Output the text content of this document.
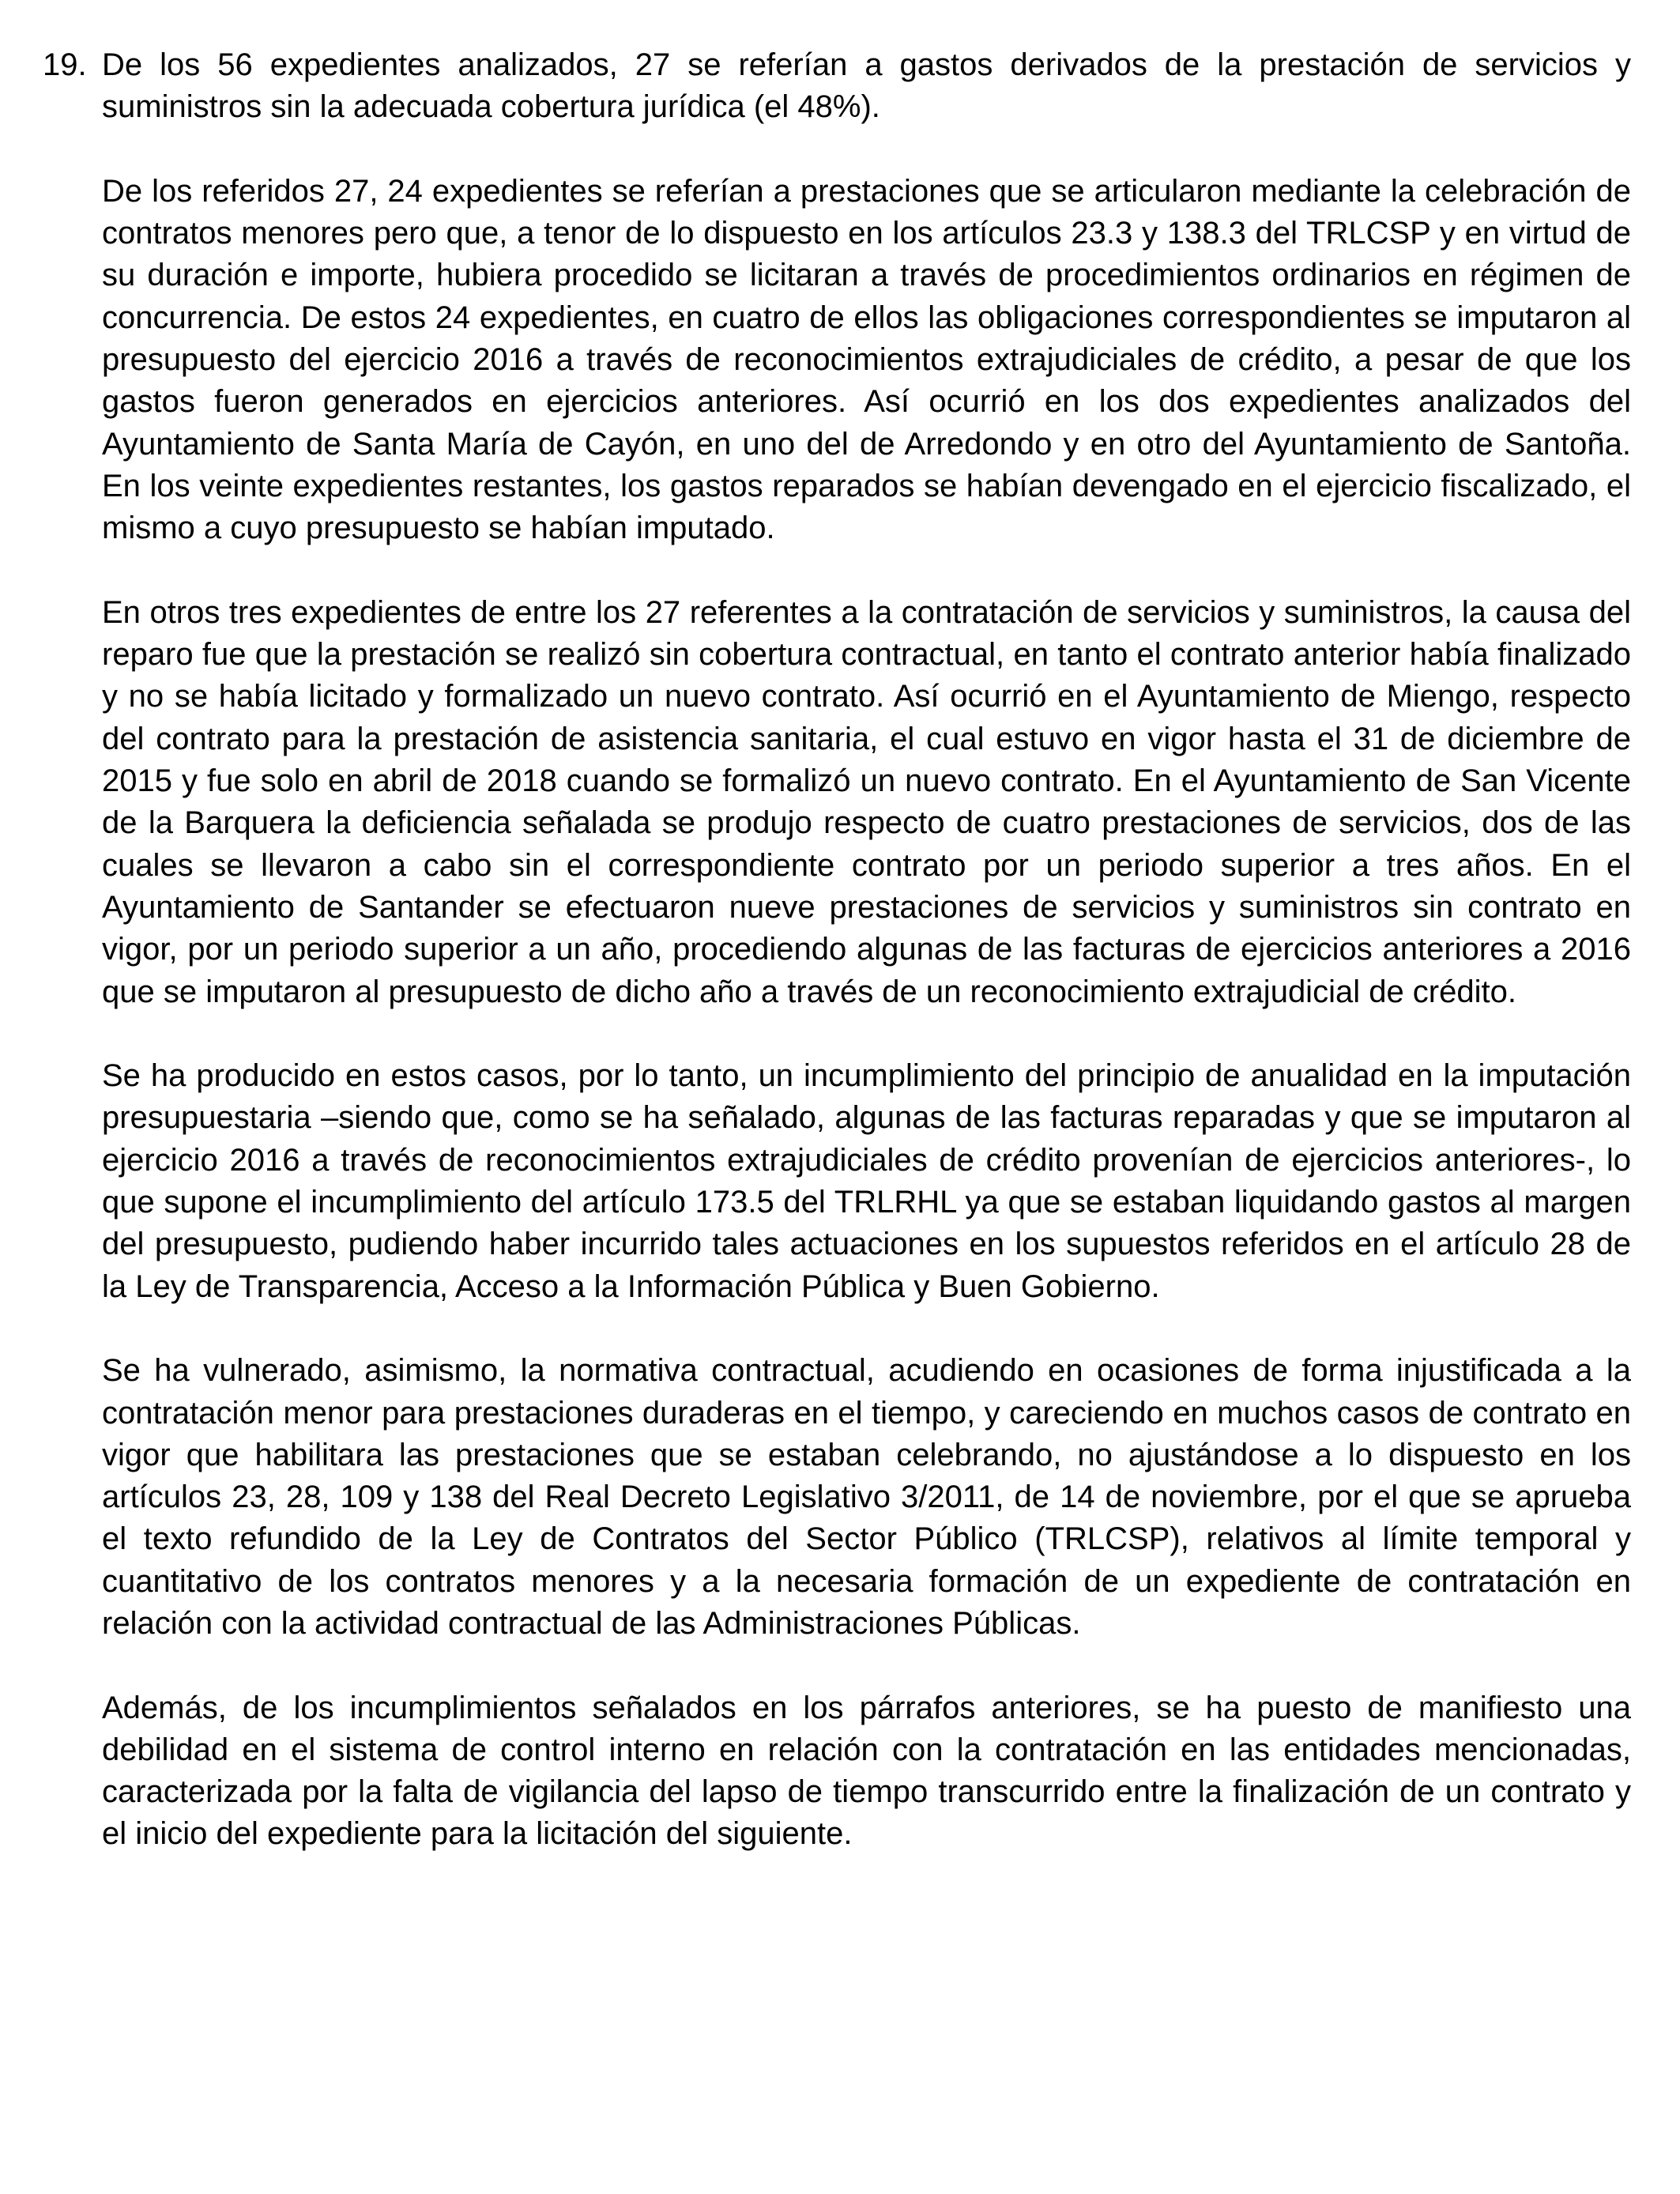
19. De los 56 expedientes analizados, 27 se referían a gastos derivados de la prestación de servicios y suministros sin la adecuada cobertura jurídica (el 48%).

De los referidos 27, 24 expedientes se referían a prestaciones que se articularon mediante la celebración de contratos menores pero que, a tenor de lo dispuesto en los artículos 23.3 y 138.3 del TRLCSP y en virtud de su duración e importe, hubiera procedido se licitaran a través de procedimientos ordinarios en régimen de concurrencia. De estos 24 expedientes, en cuatro de ellos las obligaciones correspondientes se imputaron al presupuesto del ejercicio 2016 a través de reconocimientos extrajudiciales de crédito, a pesar de que los gastos fueron generados en ejercicios anteriores. Así ocurrió en los dos expedientes analizados del Ayuntamiento de Santa María de Cayón, en uno del de Arredondo y en otro del Ayuntamiento de Santoña. En los veinte expedientes restantes, los gastos reparados se habían devengado en el ejercicio fiscalizado, el mismo a cuyo presupuesto se habían imputado.

En otros tres expedientes de entre los 27 referentes a la contratación de servicios y suministros, la causa del reparo fue que la prestación se realizó sin cobertura contractual, en tanto el contrato anterior había finalizado y no se había licitado y formalizado un nuevo contrato. Así ocurrió en el Ayuntamiento de Miengo, respecto del contrato para la prestación de asistencia sanitaria, el cual estuvo en vigor hasta el 31 de diciembre de 2015 y fue solo en abril de 2018 cuando se formalizó un nuevo contrato. En el Ayuntamiento de San Vicente de la Barquera la deficiencia señalada se produjo respecto de cuatro prestaciones de servicios, dos de las cuales se llevaron a cabo sin el correspondiente contrato por un periodo superior a tres años. En el Ayuntamiento de Santander se efectuaron nueve prestaciones de servicios y suministros sin contrato en vigor, por un periodo superior a un año, procediendo algunas de las facturas de ejercicios anteriores a 2016 que se imputaron al presupuesto de dicho año a través de un reconocimiento extrajudicial de crédito.

Se ha producido en estos casos, por lo tanto, un incumplimiento del principio de anualidad en la imputación presupuestaria –siendo que, como se ha señalado, algunas de las facturas reparadas y que se imputaron al ejercicio 2016 a través de reconocimientos extrajudiciales de crédito provenían de ejercicios anteriores-, lo que supone el incumplimiento del artículo 173.5 del TRLRHL ya que se estaban liquidando gastos al margen del presupuesto, pudiendo haber incurrido tales actuaciones en los supuestos referidos en el artículo 28 de la Ley de Transparencia, Acceso a la Información Pública y Buen Gobierno.

Se ha vulnerado, asimismo, la normativa contractual, acudiendo en ocasiones de forma injustificada a la contratación menor para prestaciones duraderas en el tiempo, y careciendo en muchos casos de contrato en vigor que habilitara las prestaciones que se estaban celebrando, no ajustándose a lo dispuesto en los artículos 23, 28, 109 y 138 del Real Decreto Legislativo 3/2011, de 14 de noviembre, por el que se aprueba el texto refundido de la Ley de Contratos del Sector Público (TRLCSP), relativos al límite temporal y cuantitativo de los contratos menores y a la necesaria formación de un expediente de contratación en relación con la actividad contractual de las Administraciones Públicas.

Además, de los incumplimientos señalados en los párrafos anteriores, se ha puesto de manifiesto una debilidad en el sistema de control interno en relación con la contratación en las entidades mencionadas, caracterizada por la falta de vigilancia del lapso de tiempo transcurrido entre la finalización de un contrato y el inicio del expediente para la licitación del siguiente.
